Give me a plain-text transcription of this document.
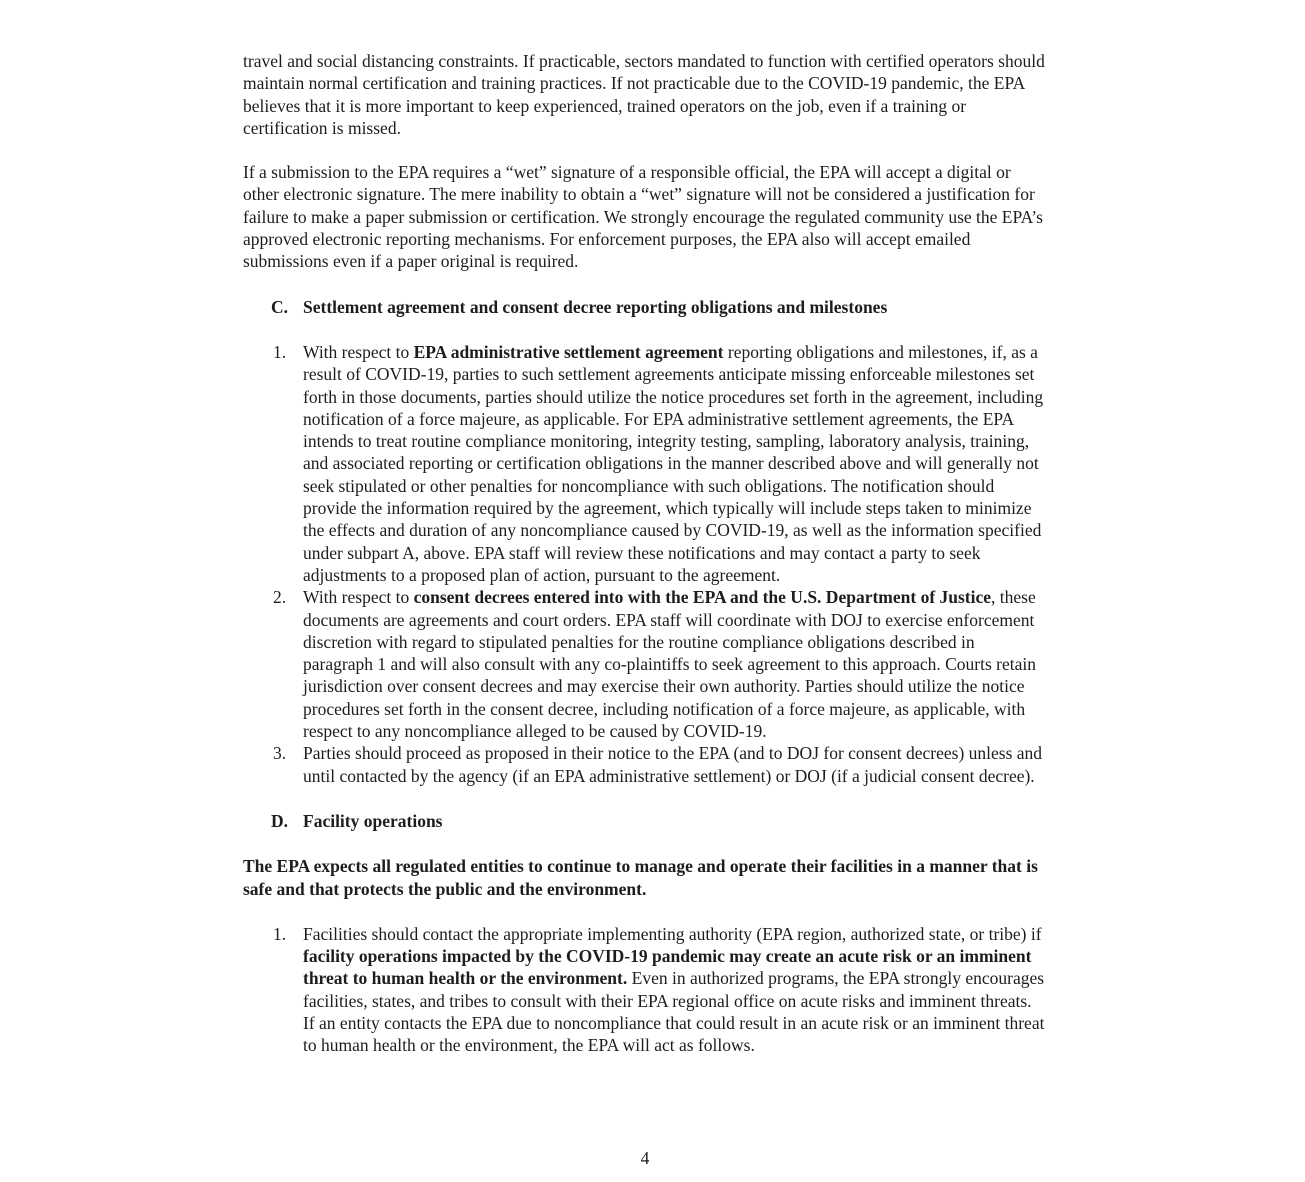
travel and social distancing constraints. If practicable, sectors mandated to function with certified operators should maintain normal certification and training practices. If not practicable due to the COVID-19 pandemic, the EPA believes that it is more important to keep experienced, trained operators on the job, even if a training or certification is missed.

If a submission to the EPA requires a “wet” signature of a responsible official, the EPA will accept a digital or other electronic signature. The mere inability to obtain a “wet” signature will not be considered a justification for failure to make a paper submission or certification. We strongly encourage the regulated community use the EPA’s approved electronic reporting mechanisms. For enforcement purposes, the EPA also will accept emailed submissions even if a paper original is required.

C. Settlement agreement and consent decree reporting obligations and milestones
1. With respect to EPA administrative settlement agreement reporting obligations and milestones, if, as a result of COVID-19, parties to such settlement agreements anticipate missing enforceable milestones set forth in those documents, parties should utilize the notice procedures set forth in the agreement, including notification of a force majeure, as applicable. For EPA administrative settlement agreements, the EPA intends to treat routine compliance monitoring, integrity testing, sampling, laboratory analysis, training, and associated reporting or certification obligations in the manner described above and will generally not seek stipulated or other penalties for noncompliance with such obligations. The notification should provide the information required by the agreement, which typically will include steps taken to minimize the effects and duration of any noncompliance caused by COVID-19, as well as the information specified under subpart A, above. EPA staff will review these notifications and may contact a party to seek adjustments to a proposed plan of action, pursuant to the agreement.
2. With respect to consent decrees entered into with the EPA and the U.S. Department of Justice, these documents are agreements and court orders. EPA staff will coordinate with DOJ to exercise enforcement discretion with regard to stipulated penalties for the routine compliance obligations described in paragraph 1 and will also consult with any co-plaintiffs to seek agreement to this approach. Courts retain jurisdiction over consent decrees and may exercise their own authority. Parties should utilize the notice procedures set forth in the consent decree, including notification of a force majeure, as applicable, with respect to any noncompliance alleged to be caused by COVID-19.
3. Parties should proceed as proposed in their notice to the EPA (and to DOJ for consent decrees) unless and until contacted by the agency (if an EPA administrative settlement) or DOJ (if a judicial consent decree).
D. Facility operations

The EPA expects all regulated entities to continue to manage and operate their facilities in a manner that is safe and that protects the public and the environment.

1. Facilities should contact the appropriate implementing authority (EPA region, authorized state, or tribe) if facility operations impacted by the COVID-19 pandemic may create an acute risk or an imminent threat to human health or the environment. Even in authorized programs, the EPA strongly encourages facilities, states, and tribes to consult with their EPA regional office on acute risks and imminent threats. If an entity contacts the EPA due to noncompliance that could result in an acute risk or an imminent threat to human health or the environment, the EPA will act as follows.
4
